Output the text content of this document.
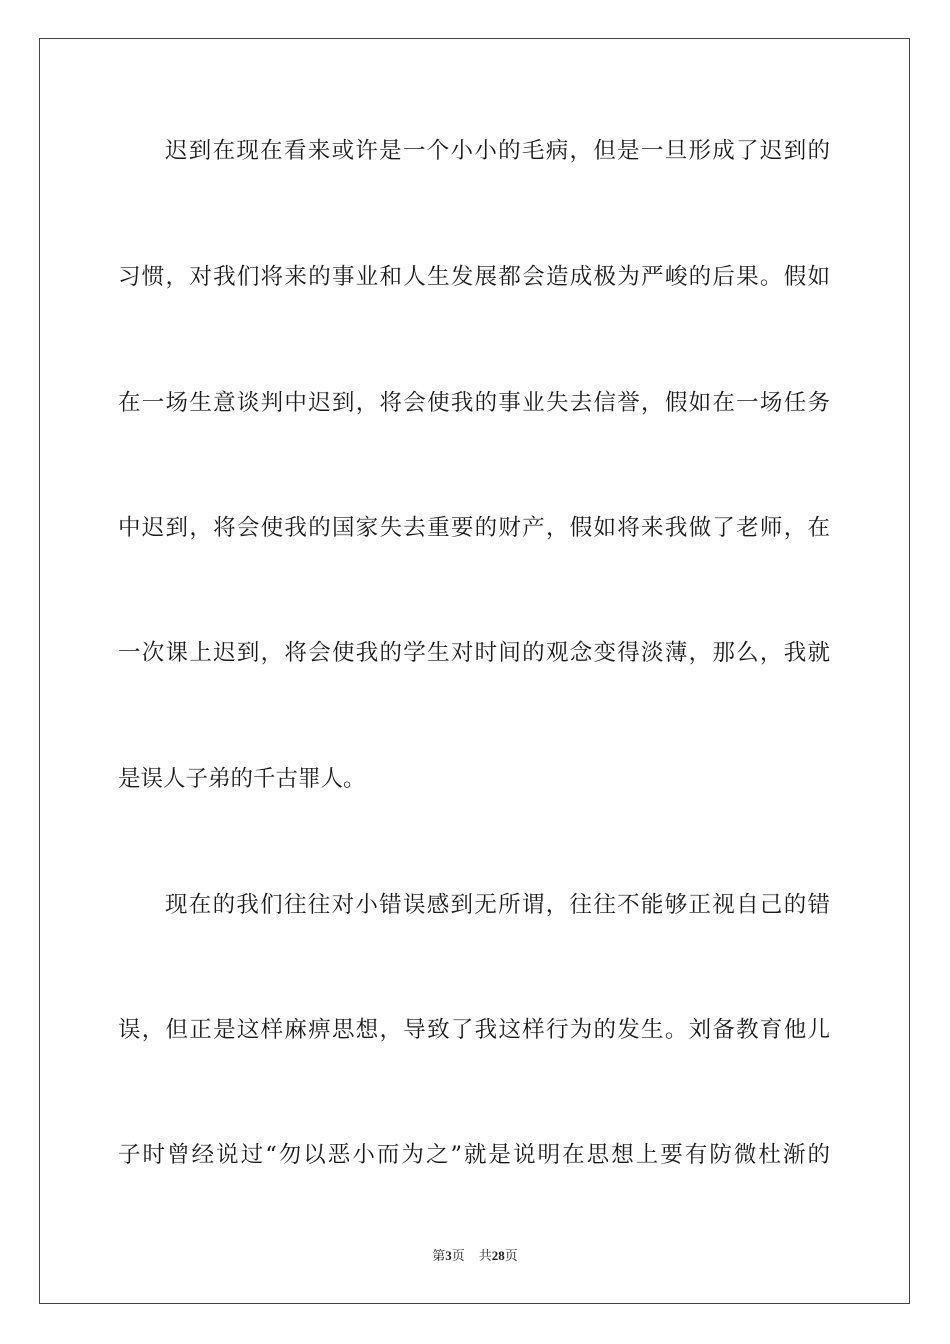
迟到在现在看来或许是一个小小的毛病，但是一旦形成了迟到的
习惯，对我们将来的事业和人生发展都会造成极为严峻的后果。假如
在一场生意谈判中迟到，将会使我的事业失去信誉，假如在一场任务
中迟到，将会使我的国家失去重要的财产，假如将来我做了老师，在
一次课上迟到，将会使我的学生对时间的观念变得淡薄，那么，我就
是误人子弟的千古罪人。
现在的我们往往对小错误感到无所谓，往往不能够正视自己的错
误，但正是这样麻痹思想，导致了我这样行为的发生。刘备教育他儿
子时曾经说过“勿以恶小而为之”就是说明在思想上要有防微杜渐的
第3页 共28页
